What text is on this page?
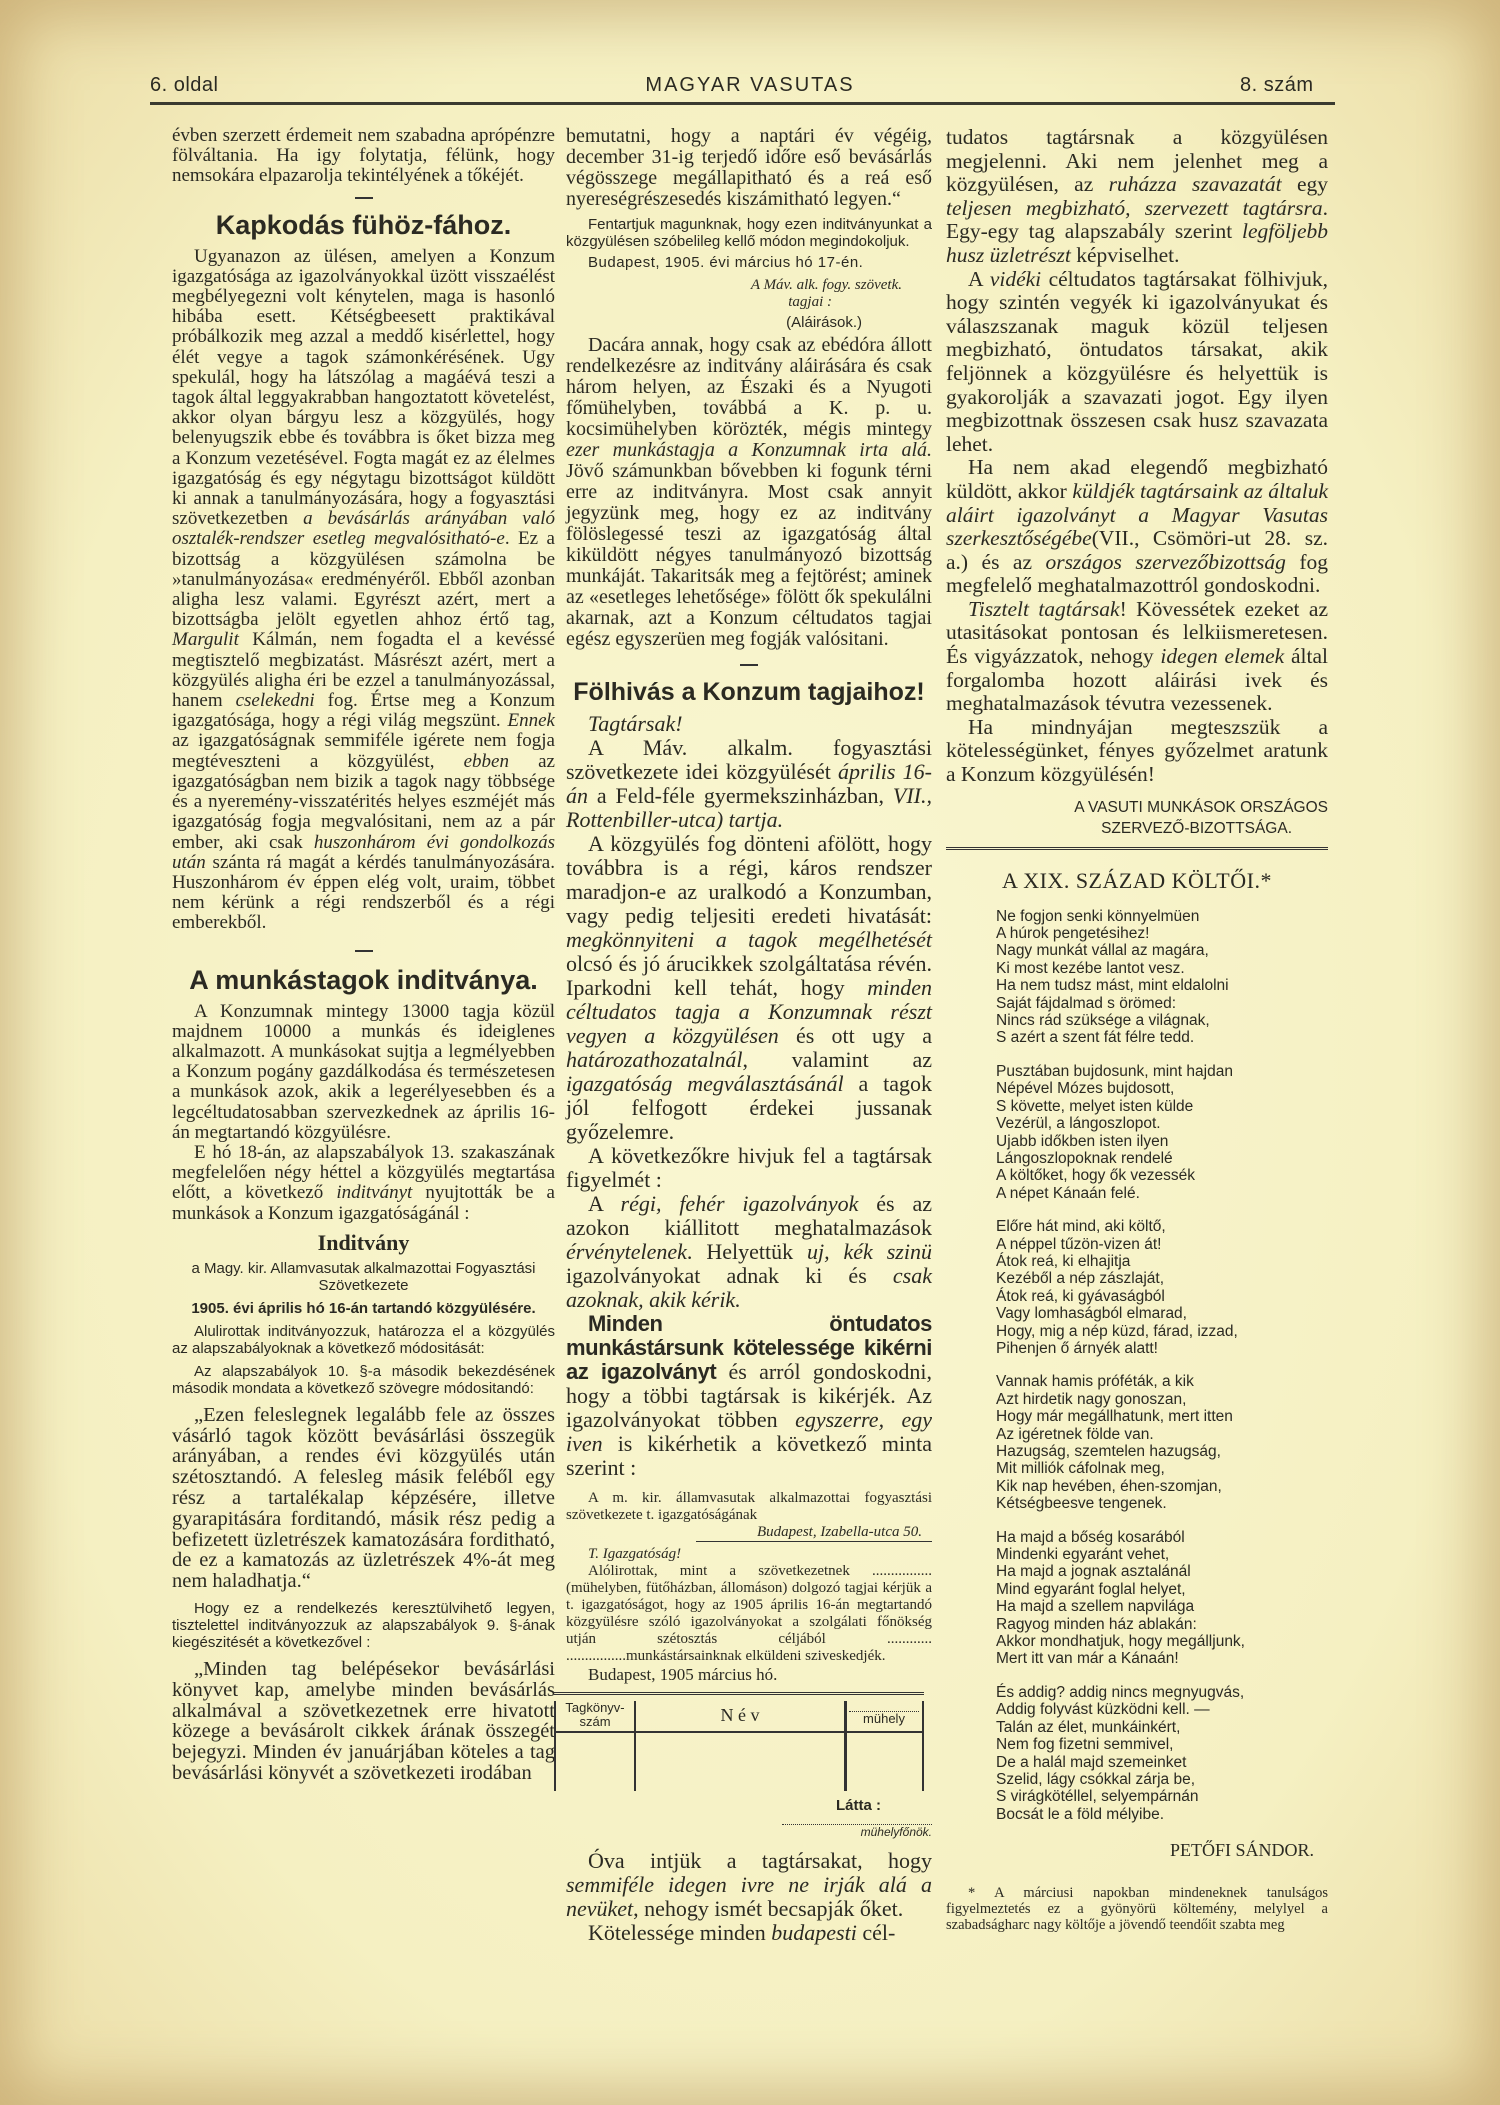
6. oldal	MAGYAR VASUTAS	8. szám

évben szerzett érdemeit nem szabadna aprópénzre fölváltania. Ha igy folytatja, félünk, hogy nemsokára elpazarolja tekintélyének a tőkéjét.

Kapkodás fühöz-fához.

Ugyanazon az ülésen, amelyen a Konzum igazgatósága az igazolványokkal üzött visszaélést megbélyegezni volt kénytelen, maga is hasonló hibába esett. Kétségbeesett praktikával próbálkozik meg azzal a meddő kisérlettel, hogy élét vegye a tagok számonkérésének. Ugy spekulál, hogy ha látszólag a magáévá teszi a tagok által leggyakrabban hangoztatott követelést, akkor olyan bárgyu lesz a közgyülés, hogy belenyugszik ebbe és továbbra is őket bizza meg a Konzum vezetésével. Fogta magát ez az élelmes igazgatóság és egy négytagu bizottságot küldött ki annak a tanulmányozására, hogy a fogyasztási szövetkezetben a bevásárlás arányában való osztalék-rendszer esetleg megvalósitható-e. Ez a bizottság a közgyülésen számolna be »tanulmányozása« eredményéről. Ebből azonban aligha lesz valami. Egyrészt azért, mert a bizottságba jelölt egyetlen ahhoz értő tag, Margulit Kálmán, nem fogadta el a kevéssé megtisztelő megbizatást. Másrészt azért, mert a közgyülés aligha éri be ezzel a tanulmányozással, hanem cselekedni fog. Értse meg a Konzum igazgatósága, hogy a régi világ megszünt. Ennek az igazgatóságnak semmiféle igérete nem fogja megtéveszteni a közgyülést, ebben az igazgatóságban nem bizik a tagok nagy többsége és a nyeremény-visszatérités helyes eszméjét más igazgatóság fogja megvalósitani, nem az a pár ember, aki csak huszonhárom évi gondolkozás után szánta rá magát a kérdés tanulmányozására. Huszonhárom év éppen elég volt, uraim, többet nem kérünk a régi rendszerből és a régi emberekből.

A munkástagok inditványa.

A Konzumnak mintegy 13000 tagja közül majdnem 10000 a munkás és ideiglenes alkalmazott. A munkásokat sujtja a legmélyebben a Konzum pogány gazdálkodása és természetesen a munkások azok, akik a legerélyesebben és a legcéltudatosabban szervezkednek az április 16-án megtartandó közgyülésre.

E hó 18-án, az alapszabályok 13. szakaszának megfelelően négy héttel a közgyülés megtartása előtt, a következő inditványt nyujtották be a munkások a Konzum igazgatóságánál :

Inditvány
a Magy. kir. Allamvasutak alkalmazottai Fogyasztási Szövetkezete
1905. évi április hó 16-án tartandó közgyülésére.

Alulirottak inditványozzuk, határozza el a közgyülés az alapszabályoknak a következő módositását:

Az alapszabályok 10. §-a második bekezdésének második mondata a következő szövegre módositandó:

„Ezen feleslegnek legalább fele az összes vásárló tagok között bevásárlási összegük arányában, a rendes évi közgyülés után szétosztandó. A felesleg másik feléből egy rész a tartalékalap képzésére, illetve gyarapitására forditandó, másik rész pedig a befizetett üzletrészek kamatozására forditható, de ez a kamatozás az üzletrészek 4%-át meg nem haladhatja.“

Hogy ez a rendelkezés keresztülvihető legyen, tisztelettel inditványozzuk az alapszabályok 9. §-ának kiegészitését a következővel :

„Minden tag belépésekor bevásárlási könyvet kap, amelybe minden bevásárlás alkalmával a szövetkezetnek erre hivatott közege a bevásárolt cikkek árának összegét bejegyzi. Minden év januárjában köteles a tag bevásárlási könyvét a szövetkezeti irodában

bemutatni, hogy a naptári év végéig, december 31-ig terjedő időre eső bevásárlás végösszege megállapitható és a reá eső nyereségrészesedés kiszámitható legyen.“

Fentartjuk magunknak, hogy ezen inditványunkat a közgyülésen szóbelileg kellő módon megindokoljuk.

Budapest, 1905. évi március hó 17-én.

A Máv. alk. fogy. szövetk.
tagjai :
(Aláirások.)

Dacára annak, hogy csak az ebédóra állott rendelkezésre az inditvány aláirására és csak három helyen, az Északi és a Nyugoti főmühelyben, továbbá a K. p. u. kocsimühelyben körözték, mégis mintegy ezer munkástagja a Konzumnak irta alá. Jövő számunkban bővebben ki fogunk térni erre az inditványra. Most csak annyit jegyzünk meg, hogy ez az inditvány fölöslegessé teszi az igazgatóság által kiküldött négyes tanulmányozó bizottság munkáját. Takaritsák meg a fejtörést; aminek az «esetleges lehetősége» fölött ők spekulálni akarnak, azt a Konzum céltudatos tagjai egész egyszerüen meg fogják valósitani.

Fölhivás a Konzum tagjaihoz!

Tagtársak!

A Máv. alkalm. fogyasztási szövetkezete idei közgyülését április 16-án a Feld-féle gyermekszinházban, VII., Rottenbiller-utca) tartja.

A közgyülés fog dönteni afölött, hogy továbbra is a régi, káros rendszer maradjon-e az uralkodó a Konzumban, vagy pedig teljesiti eredeti hivatását: megkönnyiteni a tagok megélhetését olcsó és jó árucikkek szolgáltatása révén. Iparkodni kell tehát, hogy minden céltudatos tagja a Konzumnak részt vegyen a közgyülésen és ott ugy a határozathozatalnál, valamint az igazgatóság megválasztásánál a tagok jól felfogott érdekei jussanak győzelemre.

A következőkre hivjuk fel a tagtársak figyelmét :

A régi, fehér igazolványok és az azokon kiállitott meghatalmazások érvénytelenek. Helyettük uj, kék szinü igazolványokat adnak ki és csak azoknak, akik kérik.

Minden öntudatos munkástársunk kötelessége kikérni az igazolványt és arról gondoskodni, hogy a többi tagtársak is kikérjék. Az igazolványokat többen egyszerre, egy iven is kikérhetik a következő minta szerint :

A m. kir. államvasutak alkalmazottai fogyasztási szövetkezete t. igazgatóságának

Budapest, Izabella-utca 50.

T. Igazgatóság!

Alólirottak, mint a szövetkezetnek ................ (mühelyben, fütőházban, állomáson) dolgozó tagjai kérjük a t. igazgatóságot, hogy az 1905 április 16-án megtartandó közgyülésre szóló igazolványokat a szolgálati főnökség utján szétosztás céljából ............ ................munkástársainknak elküldeni sziveskedjék.

Budapest, 1905 március hó.

Tagkönyv-szám	N é v	mühely
Látta :
mühelyfőnök.

Óva intjük a tagtársakat, hogy semmiféle idegen ivre ne irják alá a nevüket, nehogy ismét becsapják őket.

Kötelessége minden budapesti cél-

tudatos tagtársnak a közgyülésen megjelenni. Aki nem jelenhet meg a közgyülésen, az ruházza szavazatát egy teljesen megbizható, szervezett tagtársra. Egy-egy tag alapszabály szerint legföljebb husz üzletrészt képviselhet.

A vidéki céltudatos tagtársakat fölhivjuk, hogy szintén vegyék ki igazolványukat és válaszszanak maguk közül teljesen megbizható, öntudatos társakat, akik feljönnek a közgyülésre és helyettük is gyakorolják a szavazati jogot. Egy ilyen megbizottnak összesen csak husz szavazata lehet.

Ha nem akad elegendő megbizható küldött, akkor küldjék tagtársaink az általuk aláirt igazolványt a Magyar Vasutas szerkesztőségébe(VII., Csömöri-ut 28. sz. a.) és az országos szervezőbizottság fog megfelelő meghatalmazottról gondoskodni.

Tisztelt tagtársak! Kövessétek ezeket az utasitásokat pontosan és lelkiismeretesen. És vigyázzatok, nehogy idegen elemek által forgalomba hozott aláirási ivek és meghatalmazások tévutra vezessenek.

Ha mindnyájan megteszszük a kötelességünket, fényes győzelmet aratunk a Konzum közgyülésén!

A VASUTI MUNKÁSOK ORSZÁGOS
SZERVEZŐ-BIZOTTSÁGA.
A XIX. SZÁZAD KÖLTŐI.*
Ne fogjon senki könnyelmüen
A húrok pengetésihez!
Nagy munkát vállal az magára,
Ki most kezébe lantot vesz.
Ha nem tudsz mást, mint eldalolni
Saját fájdalmad s örömed:
Nincs rád szüksége a világnak,
S azért a szent fát félre tedd.
Pusztában bujdosunk, mint hajdan
Népével Mózes bujdosott,
S követte, melyet isten külde
Vezérül, a lángoszlopot.
Ujabb időkben isten ilyen
Lángoszlopoknak rendelé
A költőket, hogy ők vezessék
A népet Kánaán felé.
Előre hát mind, aki költő,
A néppel tűzön-vizen át!
Átok reá, ki elhajitja
Kezéből a nép zászlaját,
Átok reá, ki gyávaságból
Vagy lomhaságból elmarad,
Hogy, mig a nép küzd, fárad, izzad,
Pihenjen ő árnyék alatt!
Vannak hamis próféták, a kik
Azt hirdetik nagy gonoszan,
Hogy már megállhatunk, mert itten
Az igéretnek földe van.
Hazugság, szemtelen hazugság,
Mit milliók cáfolnak meg,
Kik nap hevében, éhen-szomjan,
Kétségbeesve tengenek.
Ha majd a bőség kosarából
Mindenki egyaránt vehet,
Ha majd a jognak asztalánál
Mind egyaránt foglal helyet,
Ha majd a szellem napvilága
Ragyog minden ház ablakán:
Akkor mondhatjuk, hogy megálljunk,
Mert itt van már a Kánaán!
És addig? addig nincs megnyugvás,
Addig folyvást küzködni kell. —
Talán az élet, munkáinkért,
Nem fog fizetni semmivel,
De a halál majd szemeinket
Szelid, lágy csókkal zárja be,
S virágkötéllel, selyempárnán
Bocsát le a föld mélyibe.
PETŐFI SÁNDOR.

* A márciusi napokban mindeneknek tanulságos figyelmeztetés ez a gyönyörü költemény, melylyel a szabadságharc nagy költője a jövendő teendőit szabta meg
